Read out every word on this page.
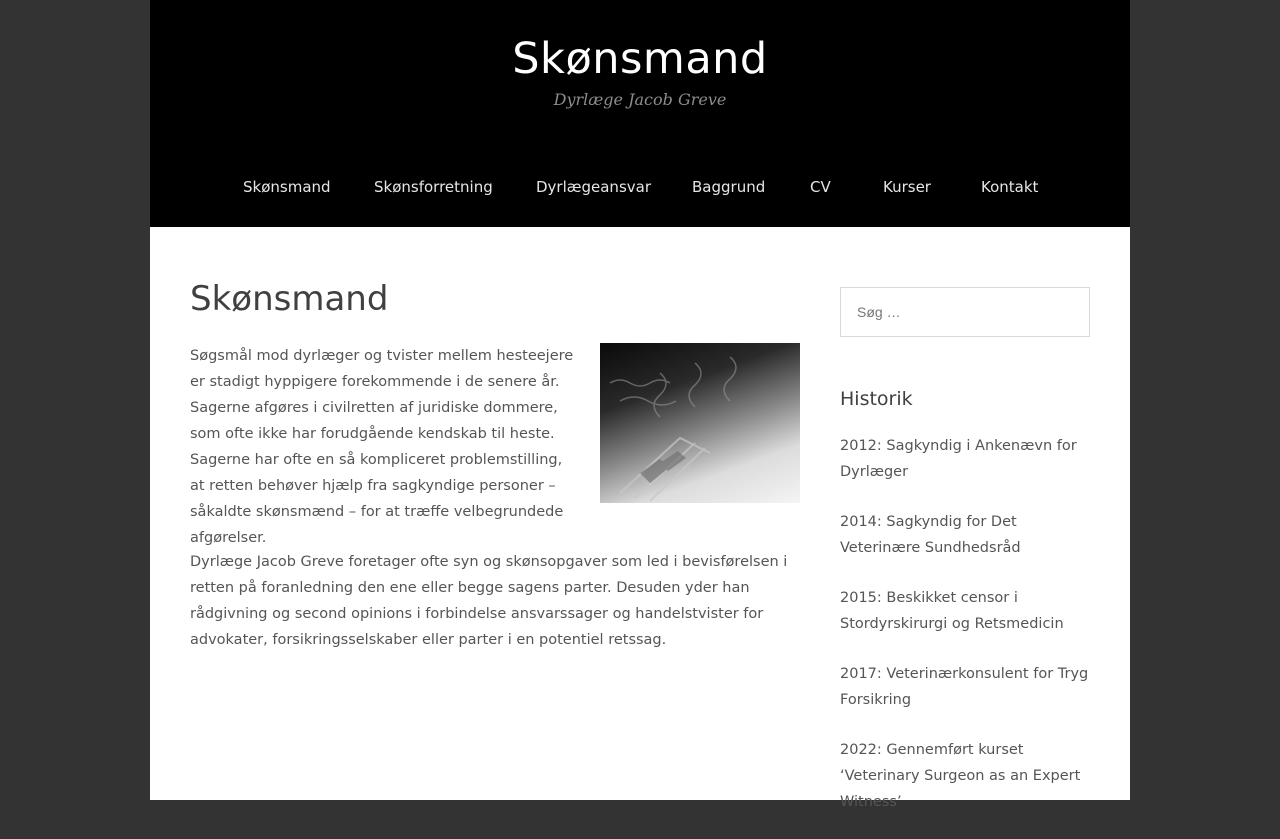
Skønsmand
Dyrlæge Jacob Greve
Skønsmand	Skønsforretning	Dyrlægeansvar	Baggrund	CV	Kurser	Kontakt
Skønsmand

Søgsmål mod dyrlæger og tvister mellem hesteejere er stadigt hyppigere forekommende i de senere år. Sagerne afgøres i civilretten af juridiske dommere, som ofte ikke har forudgående kendskab til heste. Sagerne har ofte en så kompliceret problemstilling, at retten behøver hjælp fra sagkyndige personer – såkaldte skønsmænd – for at træffe velbegrundede afgørelser.

Dyrlæge Jacob Greve foretager ofte syn og skønsopgaver som led i bevisførelsen i retten på foranledning den ene eller begge sagens parter. Desuden yder han rådgivning og second opinions i forbindelse ansvarssager og handelstvister for advokater, forsikringsselskaber eller parter i en potentiel retssag.

Søg …
Historik
2012: Sagkyndig i Ankenævn for Dyrlæger
2014: Sagkyndig for Det Veterinære Sundhedsråd
2015: Beskikket censor i Stordyrskirurgi og Retsmedicin
2017: Veterinærkonsulent for Tryg Forsikring
2022: Gennemført kurset ‘Veterinary Surgeon as an Expert Witness’
